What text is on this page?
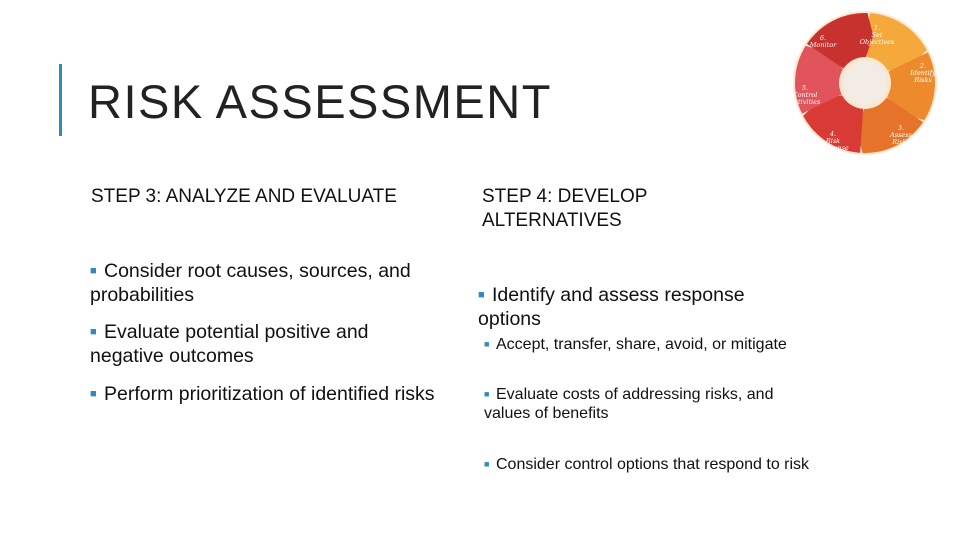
RISK ASSESSMENT
STEP 3: ANALYZE AND EVALUATE
■ Consider root causes, sources, and probabilities
■ Evaluate potential positive and negative outcomes
■ Perform prioritization of identified risks
STEP 4: DEVELOP ALTERNATIVES
■ Identify and assess response options
■ Accept, transfer, share, avoid, or mitigate
■ Evaluate costs of addressing risks, and values of benefits
■ Consider control options that respond to risk
1. Set Objectives
2. Identify Risks
3. Assess Risks
4. Risk Response
5. Control Activities
6. Monitor
